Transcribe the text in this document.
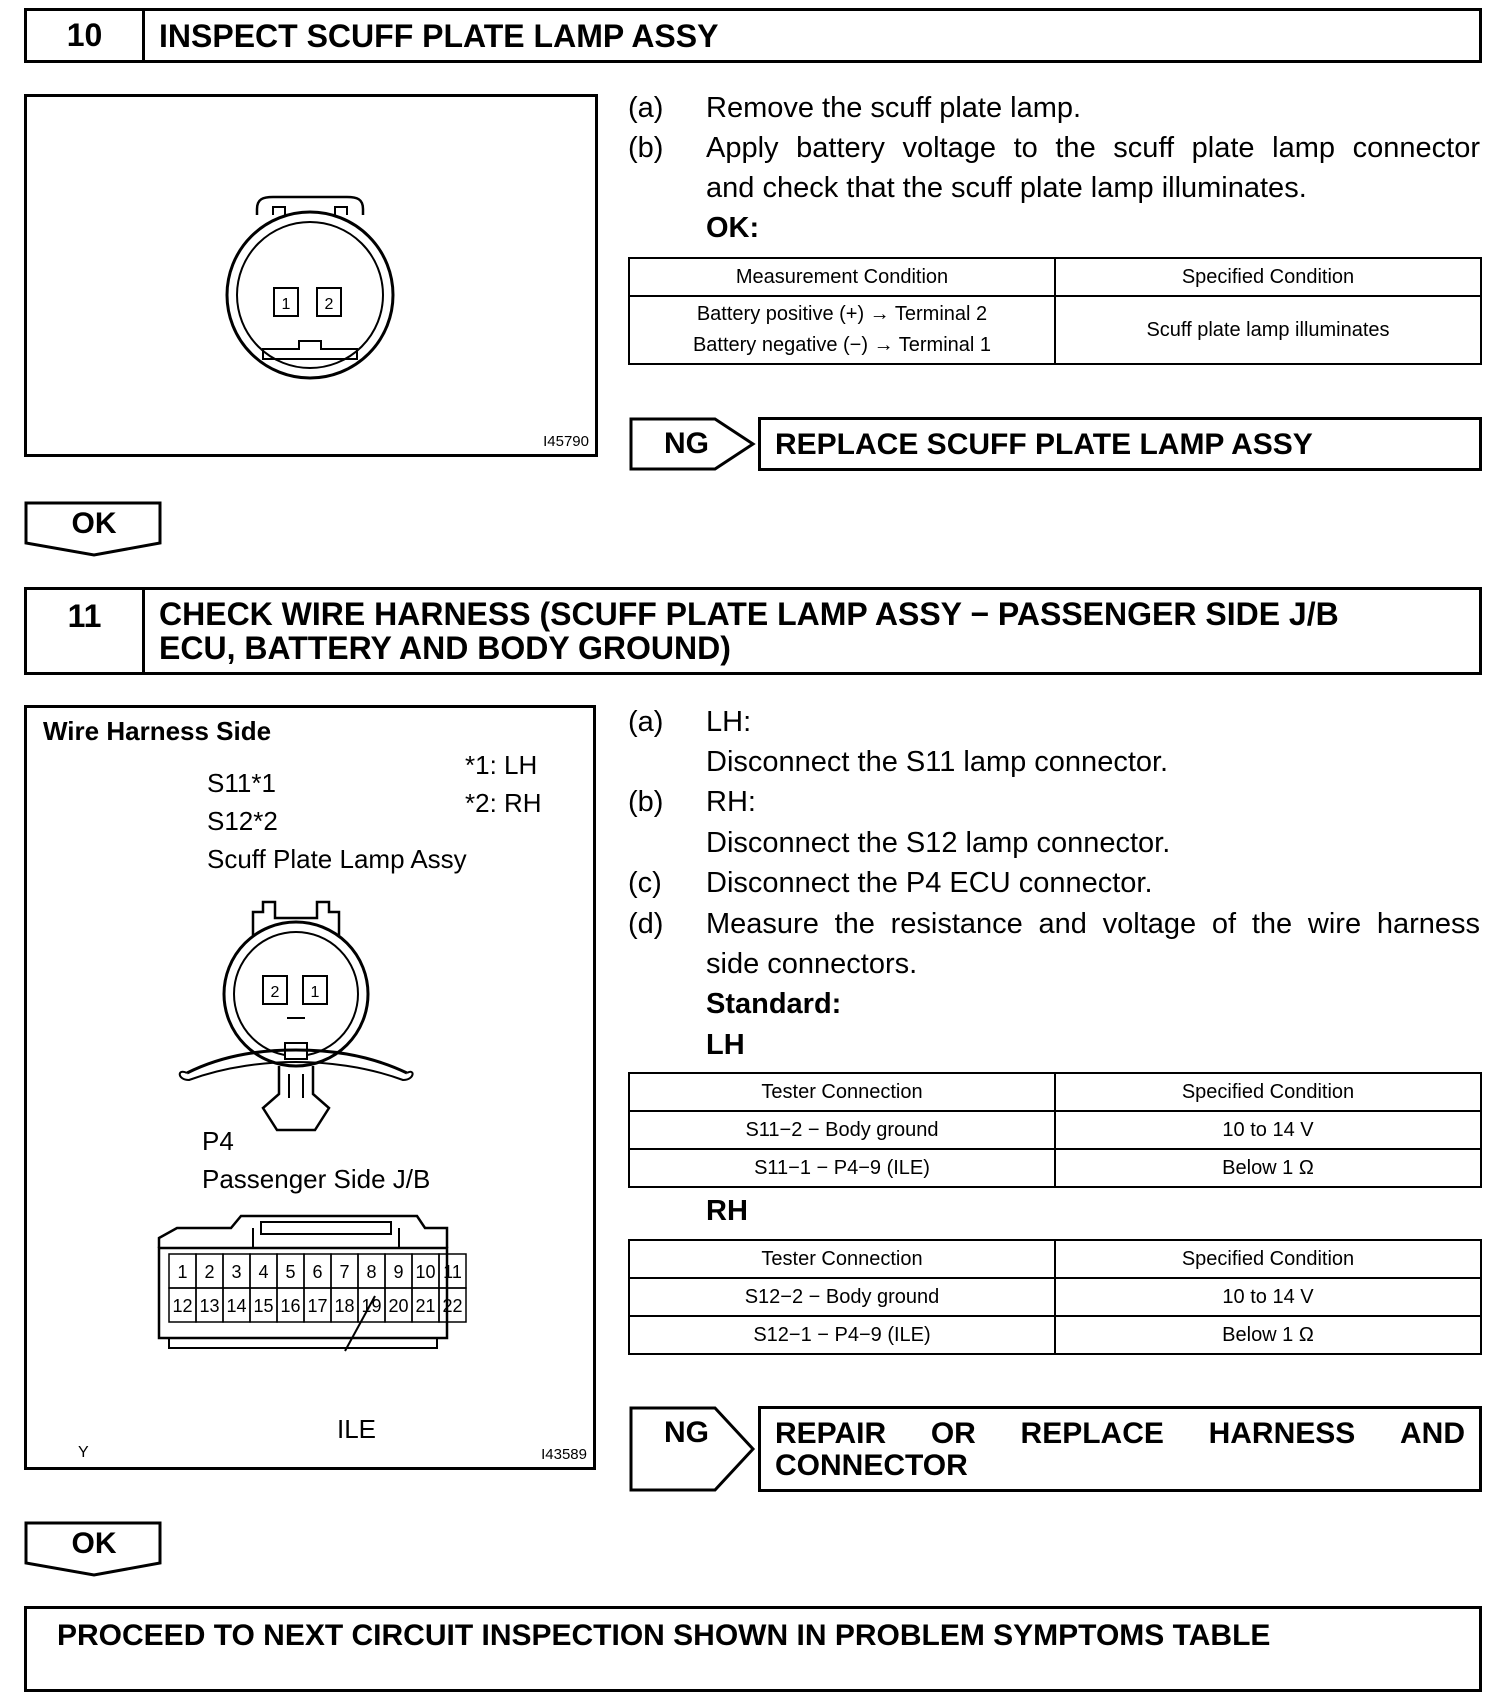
10	INSPECT SCUFF PLATE LAMP ASSY
1 2
I45790
(a) Remove the scuff plate lamp.
(b) Apply battery voltage to the scuff plate lamp connector
and check that the scuff plate lamp illuminates.
OK:
Measurement Condition	Specified Condition

Battery positive (+) → Terminal 2
Battery negative (−) → Terminal 1	Scuff plate lamp illuminates
NG REPLACE SCUFF PLATE LAMP ASSY
OK
11	CHECK WIRE HARNESS (SCUFF PLATE LAMP ASSY − PASSENGER SIDE J/B
ECU, BATTERY AND BODY GROUND)
Wire Harness Side
*1: LH
*2: RH
S11*1
S12*2
Scuff Plate Lamp Assy
2 1
P4
Passenger Side J/B
1 2 3 4 5 6 7 8 9 10 11
12 13 14 15 16 17 18 19 20 21 22
ILE
Y	I43589
(a) LH:
Disconnect the S11 lamp connector.
(b) RH:
Disconnect the S12 lamp connector.
(c) Disconnect the P4 ECU connector.
(d) Measure the resistance and voltage of the wire harness
side connectors.
Standard:
LH
Tester Connection	Specified Condition
S11−2 − Body ground	10 to 14 V
S11−1 − P4−9 (ILE)	Below 1 Ω
RH
Tester Connection	Specified Condition
S12−2 − Body ground	10 to 14 V
S12−1 − P4−9 (ILE)	Below 1 Ω
NG REPAIR OR REPLACE HARNESS AND
CONNECTOR
OK
PROCEED TO NEXT CIRCUIT INSPECTION SHOWN IN PROBLEM SYMPTOMS TABLE
